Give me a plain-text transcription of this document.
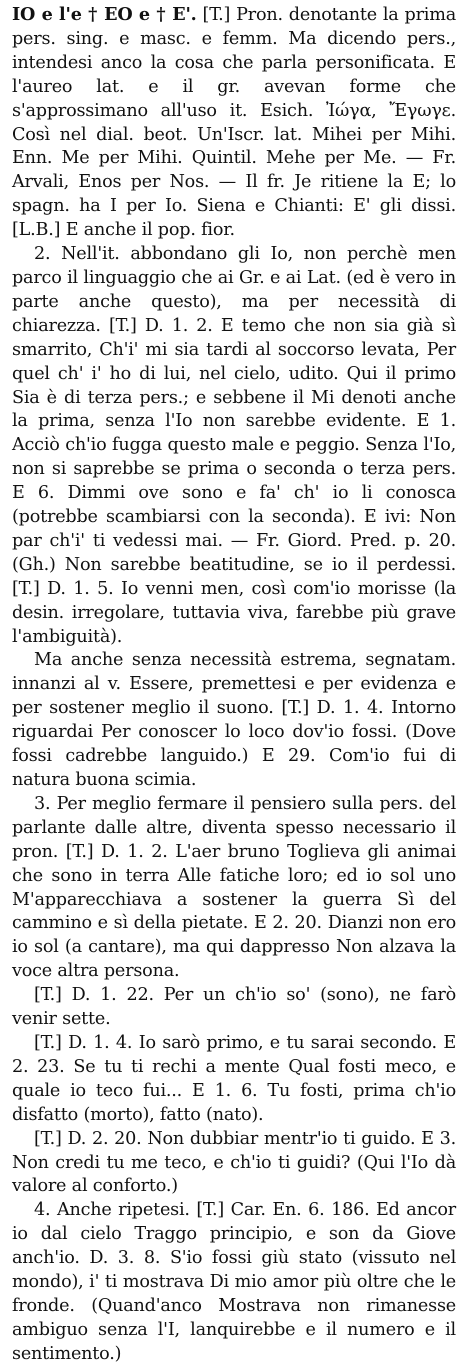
IO e l'e † EO e † E'. [T.] Pron. denotante la prima pers. sing. e masc. e femm. Ma dicendo pers., intendesi anco la cosa che parla personificata. E l'aureo lat. e il gr. avevan forme che s'approssimano all'uso it. Esich. Ἰώγα, Ἔγωγε. Così nel dial. beot. Un'Iscr. lat. Mihei per Mihi. Enn. Me per Mihi. Quintil. Mehe per Me. — Fr. Arvali, Enos per Nos. — Il fr. Je ritiene la E; lo spagn. ha I per Io. Siena e Chianti: E' gli dissi. [L.B.] E anche il pop. fior.

2. Nell'it. abbondano gli Io, non perchè men parco il linguaggio che ai Gr. e ai Lat. (ed è vero in parte anche questo), ma per necessità di chiarezza. [T.] D. 1. 2. E temo che non sia già sì smarrito, Ch'i' mi sia tardi al soccorso levata, Per quel ch' i' ho di lui, nel cielo, udito. Qui il primo Sia è di terza pers.; e sebbene il Mi denoti anche la prima, senza l'Io non sarebbe evidente. E 1. Acciò ch'io fugga questo male e peggio. Senza l'Io, non si saprebbe se prima o seconda o terza pers. E 6. Dimmi ove sono e fa' ch' io li conosca (potrebbe scambiarsi con la seconda). E ivi: Non par ch'i' ti vedessi mai. — Fr. Giord. Pred. p. 20. (Gh.) Non sarebbe beatitudine, se io il perdessi. [T.] D. 1. 5. Io venni men, così com'io morisse (la desin. irregolare, tuttavia viva, farebbe più grave l'ambiguità).

Ma anche senza necessità estrema, segnatam. innanzi al v. Essere, premettesi e per evidenza e per sostener meglio il suono. [T.] D. 1. 4. Intorno riguardai Per conoscer lo loco dov'io fossi. (Dove fossi cadrebbe languido.) E 29. Com'io fui di natura buona scimia.

3. Per meglio fermare il pensiero sulla pers. del parlante dalle altre, diventa spesso necessario il pron. [T.] D. 1. 2. L'aer bruno Toglieva gli animai che sono in terra Alle fatiche loro; ed io sol uno M'apparecchiava a sostener la guerra Sì del cammino e sì della pietate. E 2. 20. Dianzi non ero io sol (a cantare), ma qui dappresso Non alzava la voce altra persona.

[T.] D. 1. 22. Per un ch'io so' (sono), ne farò venir sette.

[T.] D. 1. 4. Io sarò primo, e tu sarai secondo. E 2. 23. Se tu ti rechi a mente Qual fosti meco, e quale io teco fui... E 1. 6. Tu fosti, prima ch'io disfatto (morto), fatto (nato).

[T.] D. 2. 20. Non dubbiar mentr'io ti guido. E 3. Non credi tu me teco, e ch'io ti guidi? (Qui l'Io dà valore al conforto.)

4. Anche ripetesi. [T.] Car. En. 6. 186. Ed ancor io dal cielo Traggo principio, e son da Giove anch'io. D. 3. 8. S'io fossi giù stato (vissuto nel mondo), i' ti mostrava Di mio amor più oltre che le fronde. (Quand'anco Mostrava non rimanesse ambiguo senza l'I, lanquirebbe e il numero e il sentimento.)
